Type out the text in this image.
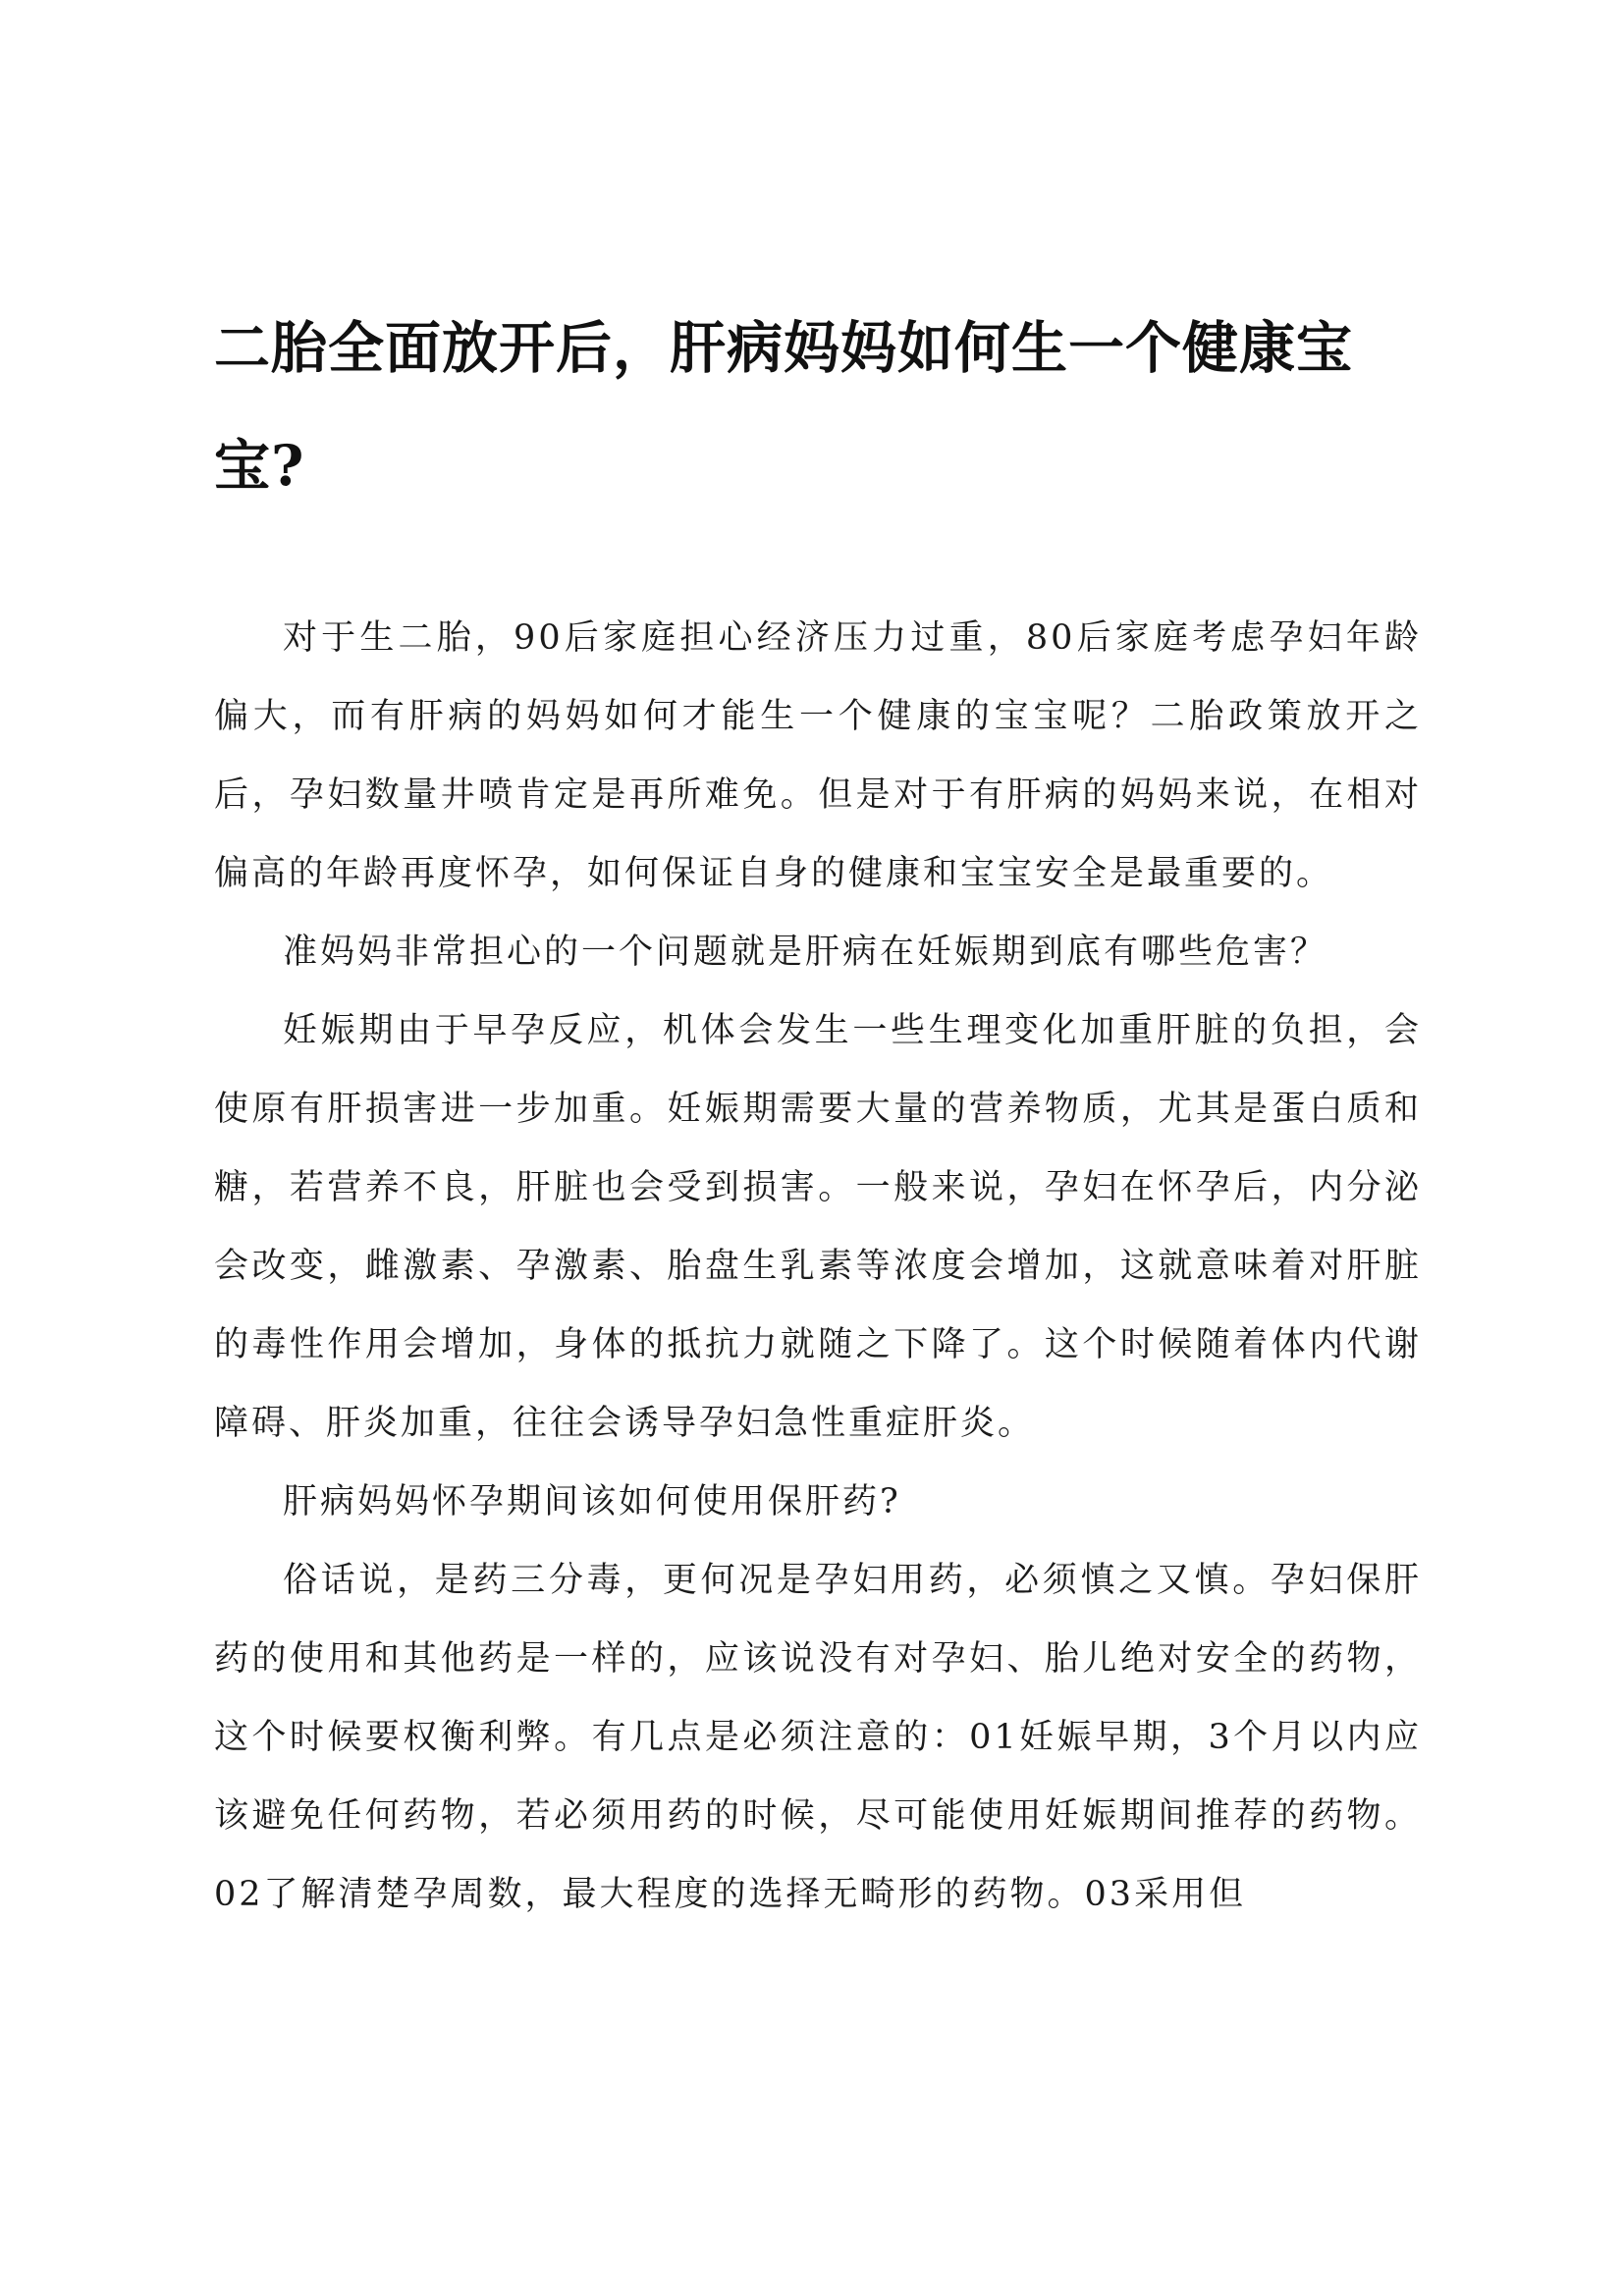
二胎全面放开后，肝病妈妈如何生一个健康宝宝?

对于生二胎，90后家庭担心经济压力过重，80后家庭考虑孕妇年龄偏大，而有肝病的妈妈如何才能生一个健康的宝宝呢？二胎政策放开之后，孕妇数量井喷肯定是再所难免。但是对于有肝病的妈妈来说，在相对偏高的年龄再度怀孕，如何保证自身的健康和宝宝安全是最重要的。

准妈妈非常担心的一个问题就是肝病在妊娠期到底有哪些危害？

妊娠期由于早孕反应，机体会发生一些生理变化加重肝脏的负担，会使原有肝损害进一步加重。妊娠期需要大量的营养物质，尤其是蛋白质和糖，若营养不良，肝脏也会受到损害。一般来说，孕妇在怀孕后，内分泌会改变，雌激素、孕激素、胎盘生乳素等浓度会增加，这就意味着对肝脏的毒性作用会增加，身体的抵抗力就随之下降了。这个时候随着体内代谢障碍、肝炎加重，往往会诱导孕妇急性重症肝炎。

肝病妈妈怀孕期间该如何使用保肝药?

俗话说，是药三分毒，更何况是孕妇用药，必须慎之又慎。孕妇保肝药的使用和其他药是一样的，应该说没有对孕妇、胎儿绝对安全的药物，这个时候要权衡利弊。有几点是必须注意的：01妊娠早期，3个月以内应该避免任何药物，若必须用药的时候，尽可能使用妊娠期间推荐的药物。02了解清楚孕周数，最大程度的选择无畸形的药物。03采用但
